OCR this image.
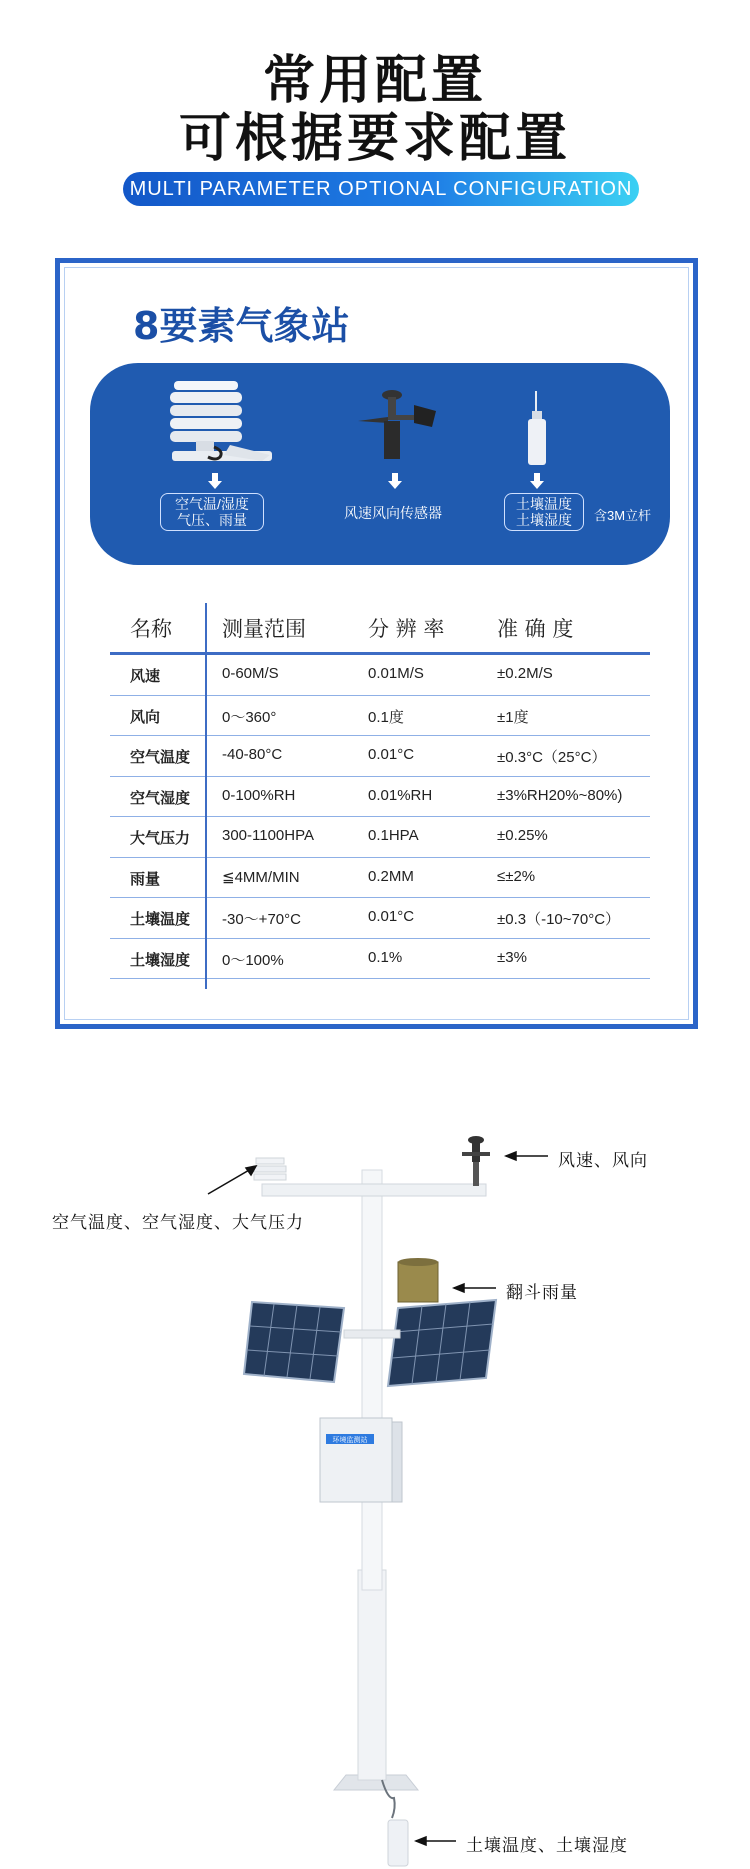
常用配置
可根据要求配置
MULTI PARAMETER OPTIONAL CONFIGURATION
8要素气象站
空气温/湿度
气压、雨量	风速风向传感器
土壤温度
土壤湿度	含3M立杆
名称 测量范围	分 辨 率	准 确 度
风速	0-60M/S	0.01M/S	±0.2M/S
风向	0～360°	0.1度	±1度
空气温度 -40-80°C	0.01°C	±0.3°C（25°C）
空气湿度 0-100%RH	0.01%RH	±3%RH20%~80%)
大气压力 300-1100HPA	0.1HPA	±0.25%
雨量	≦4MM/MIN	0.2MM	≤±2%
土壤温度 -30～+70°C	0.01°C	±0.3（-10~70°C）
土壤湿度 0～100%	0.1%	±3%
环境监测站
风速、风向
空气温度、空气湿度、大气压力
翻斗雨量
土壤温度、土壤湿度
